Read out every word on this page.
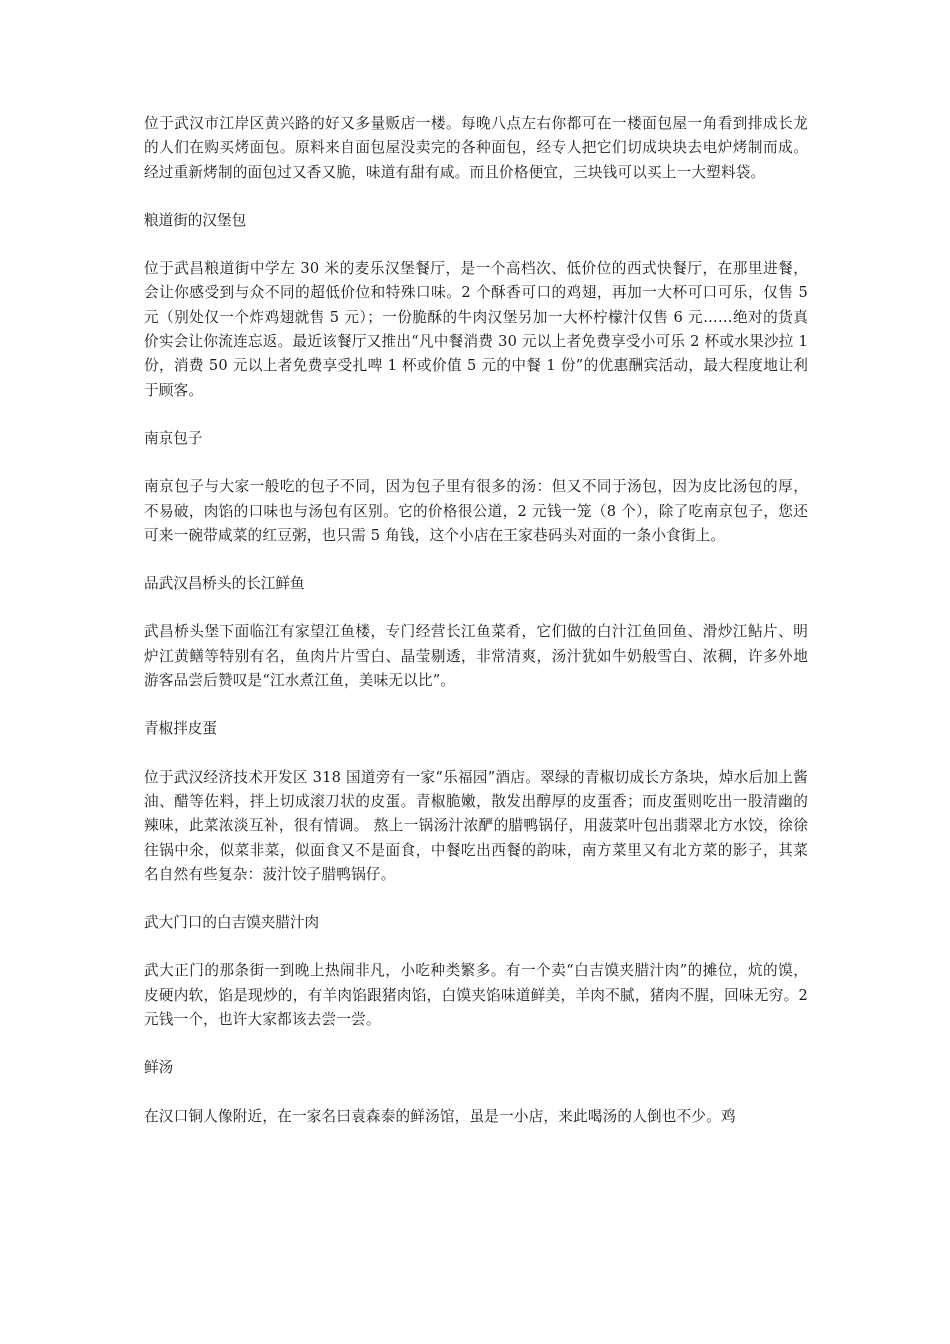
位于武汉市江岸区黄兴路的好又多量贩店一楼。每晚八点左右你都可在一楼面包屋一角看到排成长龙的人们在购买烤面包。原料来自面包屋没卖完的各种面包，经专人把它们切成块块去电炉烤制而成。经过重新烤制的面包过又香又脆，味道有甜有咸。而且价格便宜，三块钱可以买上一大塑料袋。

粮道街的汉堡包

位于武昌粮道街中学左 30 米的麦乐汉堡餐厅，是一个高档次、低价位的西式快餐厅，在那里进餐，会让你感受到与众不同的超低价位和特殊口味。2 个酥香可口的鸡翅，再加一大杯可口可乐，仅售 5 元（别处仅一个炸鸡翅就售 5 元）；一份脆酥的牛肉汉堡另加一大杯柠檬汁仅售 6 元……绝对的货真价实会让你流连忘返。最近该餐厅又推出“凡中餐消费 30 元以上者免费享受小可乐 2 杯或水果沙拉 1 份，消费 50 元以上者免费享受扎啤 1 杯或价值 5 元的中餐 1 份”的优惠酬宾活动，最大程度地让利于顾客。

南京包子

南京包子与大家一般吃的包子不同，因为包子里有很多的汤：但又不同于汤包，因为皮比汤包的厚，不易破，肉馅的口味也与汤包有区别。它的价格很公道，2 元钱一笼（8 个），除了吃南京包子，您还可来一碗带咸菜的红豆粥，也只需 5 角钱，这个小店在王家巷码头对面的一条小食街上。

品武汉昌桥头的长江鲜鱼

武昌桥头堡下面临江有家望江鱼楼，专门经营长江鱼菜肴，它们做的白汁江鱼回鱼、滑炒江鲇片、明炉江黄鳝等特别有名，鱼肉片片雪白、晶莹剔透，非常清爽，汤汁犹如牛奶般雪白、浓稠，许多外地游客品尝后赞叹是“江水煮江鱼，美味无以比”。

青椒拌皮蛋

位于武汉经济技术开发区 318 国道旁有一家“乐福园”酒店。翠绿的青椒切成长方条块，焯水后加上酱油、醋等佐料，拌上切成滚刀状的皮蛋。青椒脆嫩，散发出醇厚的皮蛋香；而皮蛋则吃出一股清幽的辣味，此菜浓淡互补，很有情调。 熬上一锅汤汁浓酽的腊鸭锅仔，用菠菜叶包出翡翠北方水饺，徐徐往锅中氽，似菜非菜，似面食又不是面食，中餐吃出西餐的韵味，南方菜里又有北方菜的影子，其菜名自然有些复杂：菠汁饺子腊鸭锅仔。

武大门口的白吉馍夹腊汁肉

武大正门的那条街一到晚上热闹非凡，小吃种类繁多。有一个卖“白吉馍夹腊汁肉”的摊位，炕的馍，皮硬内软，馅是现炒的，有羊肉馅跟猪肉馅，白馍夹馅味道鲜美，羊肉不腻，猪肉不腥，回味无穷。2 元钱一个，也许大家都该去尝一尝。

鲜汤

在汉口铜人像附近，在一家名曰袁森泰的鲜汤馆，虽是一小店，来此喝汤的人倒也不少。鸡
